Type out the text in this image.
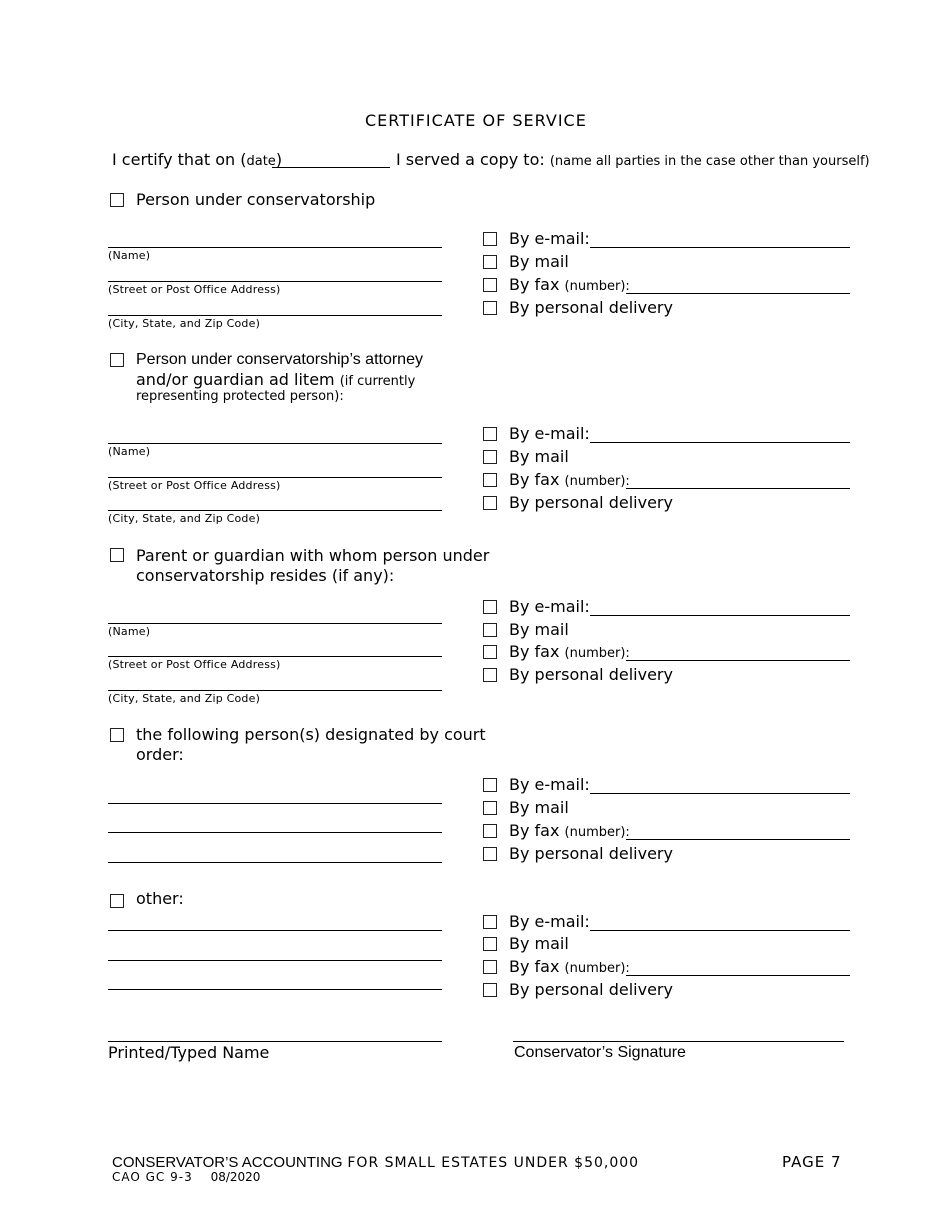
CERTIFICATE OF SERVICE
I certify that on (date)	I served a copy to: (name all parties in the case other than yourself)
Person under conservatorship
(Name)
(Street or Post Office Address)
(City, State, and Zip Code)
By e-mail:
By mail
By fax (number):
By personal delivery
Person under conservatorship’s attorney
and/or guardian ad litem (if currently
representing protected person):
(Name)
(Street or Post Office Address)
(City, State, and Zip Code)
By e-mail:
By mail
By fax (number):
By personal delivery
Parent or guardian with whom person under
conservatorship resides (if any):
(Name)
(Street or Post Office Address)
(City, State, and Zip Code)
By e-mail:
By mail
By fax (number):
By personal delivery
the following person(s) designated by court
order:
By e-mail:
By mail
By fax (number):
By personal delivery
other:
By e-mail:
By mail
By fax (number):
By personal delivery
Printed/Typed Name	Conservator’s Signature
CONSERVATOR’S ACCOUNTING FOR SMALL ESTATES UNDER $50,000	PAGE 7
CAO GC 9-3 08/2020
